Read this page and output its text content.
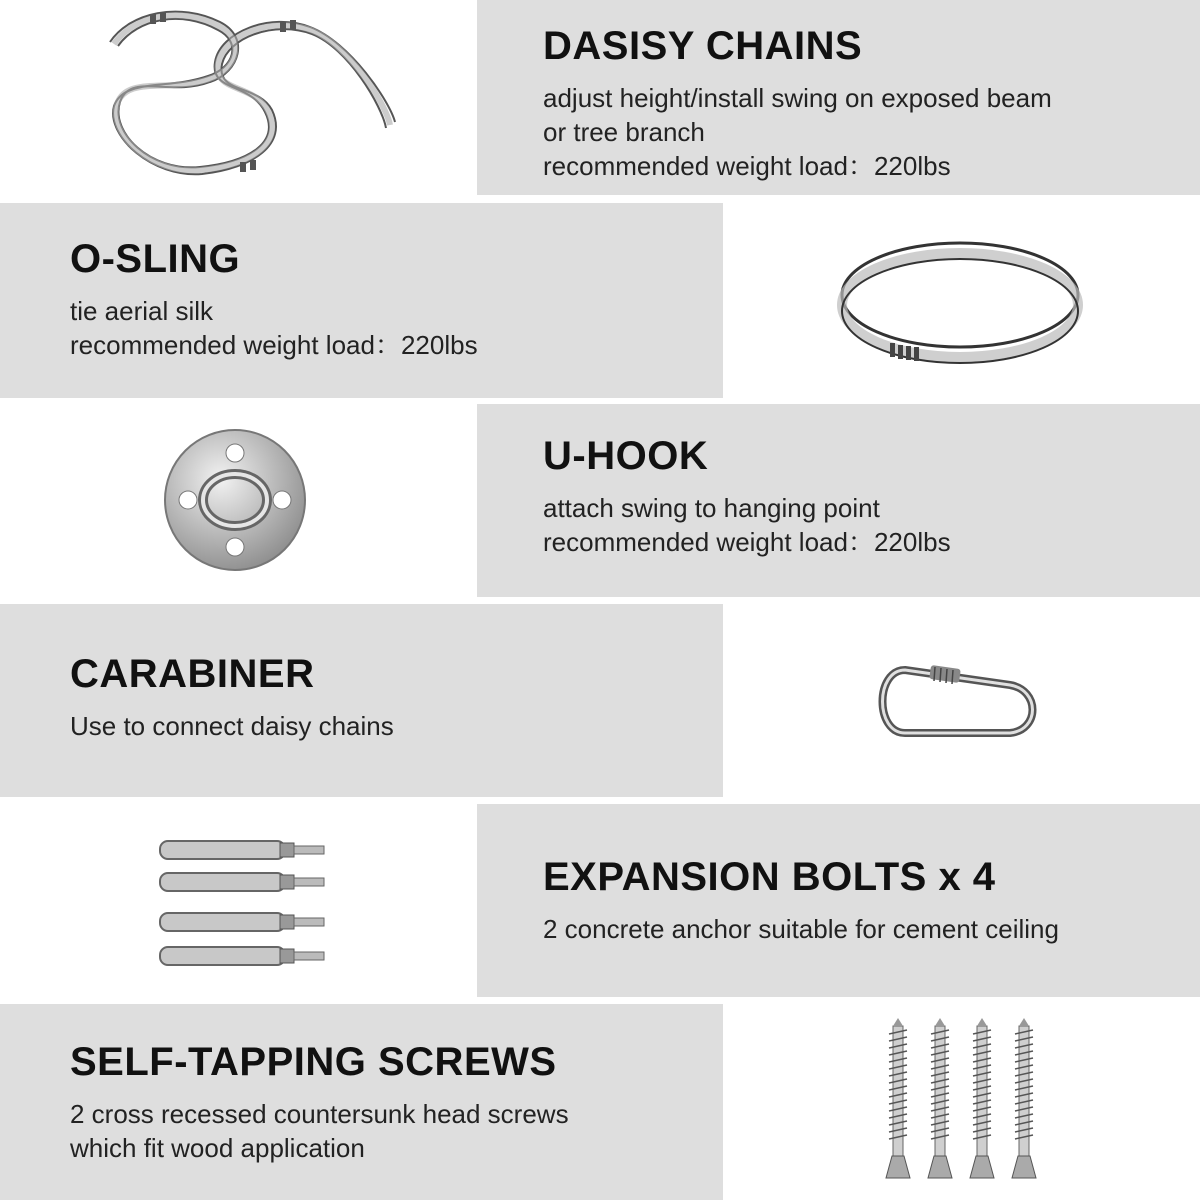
DASISY CHAINS

adjust height/install swing on exposed beam

or tree branch

recommended weight load：220lbs

O-SLING

tie aerial silk

recommended weight load：220lbs

U-HOOK

attach swing to hanging point

recommended weight load：220lbs

CARABINER

Use to connect daisy chains

EXPANSION BOLTS x 4

2 concrete anchor suitable for cement ceiling

SELF-TAPPING SCREWS

2 cross recessed countersunk head screws

which fit wood application
